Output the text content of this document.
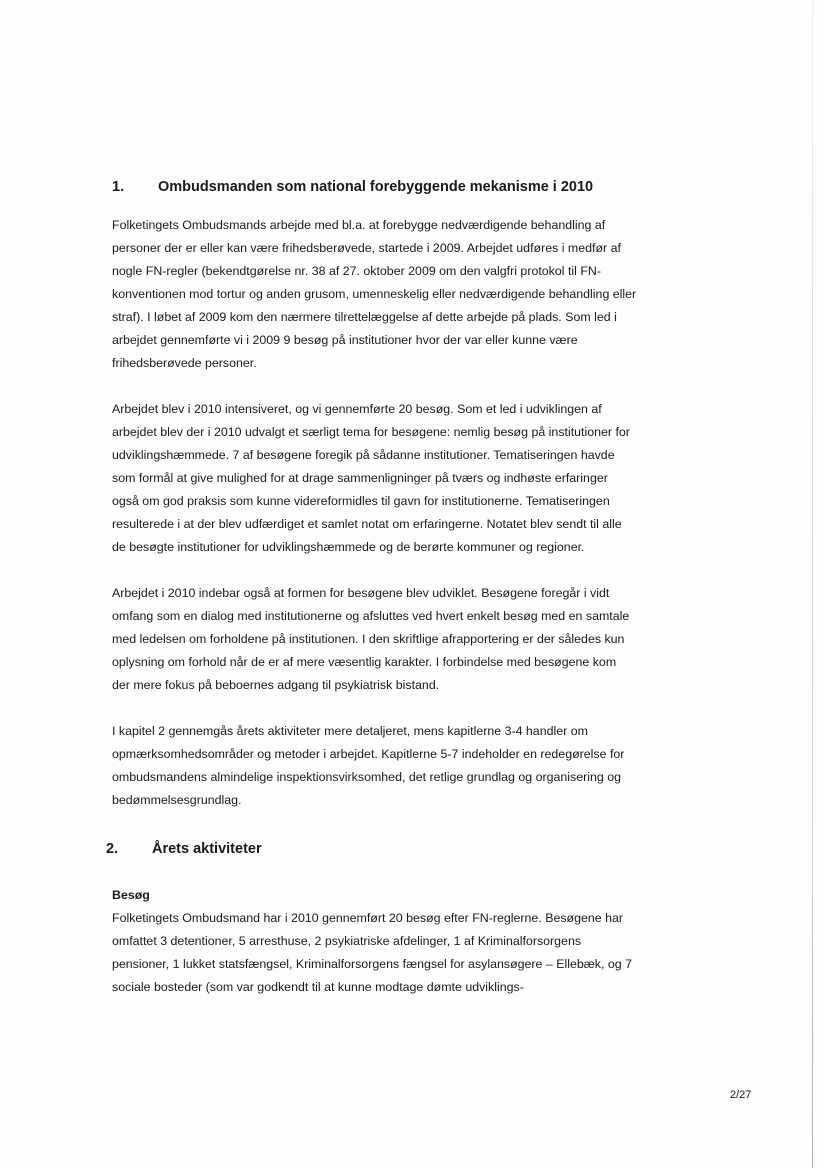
1.	Ombudsmanden som national forebyggende mekanisme i 2010

Folketingets Ombudsmands arbejde med bl.a. at forebygge nedværdigende behandling af personer der er eller kan være frihedsberøvede, startede i 2009. Arbejdet udføres i medfør af nogle FN-regler (bekendtgørelse nr. 38 af 27. oktober 2009 om den valgfri protokol til FN-konventionen mod tortur og anden grusom, umenneskelig eller nedværdigende behandling eller straf). I løbet af 2009 kom den nærmere tilrettelæggelse af dette arbejde på plads. Som led i arbejdet gennemførte vi i 2009 9 besøg på institutioner hvor der var eller kunne være frihedsberøvede personer.

Arbejdet blev i 2010 intensiveret, og vi gennemførte 20 besøg. Som et led i udviklingen af arbejdet blev der i 2010 udvalgt et særligt tema for besøgene: nemlig besøg på institutioner for udviklingshæmmede. 7 af besøgene foregik på sådanne institutioner. Tematiseringen havde som formål at give mulighed for at drage sammenligninger på tværs og indhøste erfaringer også om god praksis som kunne videreformidles til gavn for institutionerne. Tematiseringen resulterede i at der blev udfærdiget et samlet notat om erfaringerne. Notatet blev sendt til alle de besøgte institutioner for udviklingshæmmede og de berørte kommuner og regioner.

Arbejdet i 2010 indebar også at formen for besøgene blev udviklet. Besøgene foregår i vidt omfang som en dialog med institutionerne og afsluttes ved hvert enkelt besøg med en samtale med ledelsen om forholdene på institutionen. I den skriftlige afrapportering er der således kun oplysning om forhold når de er af mere væsentlig karakter. I forbindelse med besøgene kom der mere fokus på beboernes adgang til psykiatrisk bistand.

I kapitel 2 gennemgås årets aktiviteter mere detaljeret, mens kapitlerne 3-4 handler om opmærksomhedsområder og metoder i arbejdet. Kapitlerne 5-7 indeholder en redegørelse for ombudsmandens almindelige inspektionsvirksomhed, det retlige grundlag og organisering og bedømmelsesgrundlag.

2.	Årets aktiviteter
Besøg

Folketingets Ombudsmand har i 2010 gennemført 20 besøg efter FN-reglerne. Besøgene har omfattet 3 detentioner, 5 arresthuse, 2 psykiatriske afdelinger, 1 af Kriminalforsorgens pensioner, 1 lukket statsfængsel, Kriminalforsorgens fængsel for asylansøgere – Ellebæk, og 7 sociale bosteder (som var godkendt til at kunne modtage dømte udviklings-

2/27
